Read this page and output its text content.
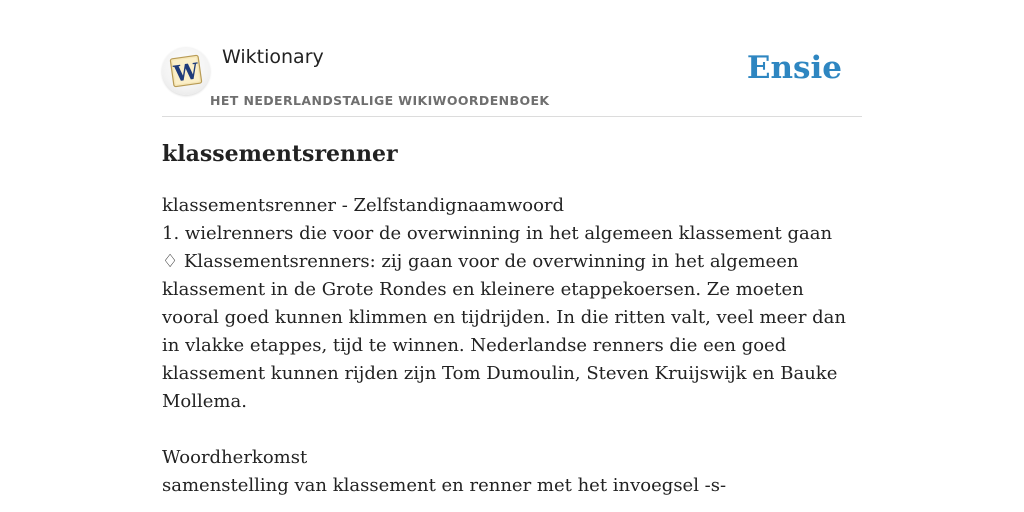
W
Wiktionary
HET NEDERLANDSTALIGE WIKIWOORDENBOEK
Ensie
klassementsrenner

klassementsrenner - Zelfstandignaamwoord

1. wielrenners die voor de overwinning in het algemeen klassement gaan

♢ Klassementsrenners: zij gaan voor de overwinning in het algemeen klassement in de Grote Rondes en kleinere etappekoersen. Ze moeten vooral goed kunnen klimmen en tijdrijden. In die ritten valt, veel meer dan in vlakke etappes, tijd te winnen. Nederlandse renners die een goed klassement kunnen rijden zijn Tom Dumoulin, Steven Kruijswijk en Bauke Mollema.

Woordherkomst

samenstelling van klassement en renner met het invoegsel -s-
